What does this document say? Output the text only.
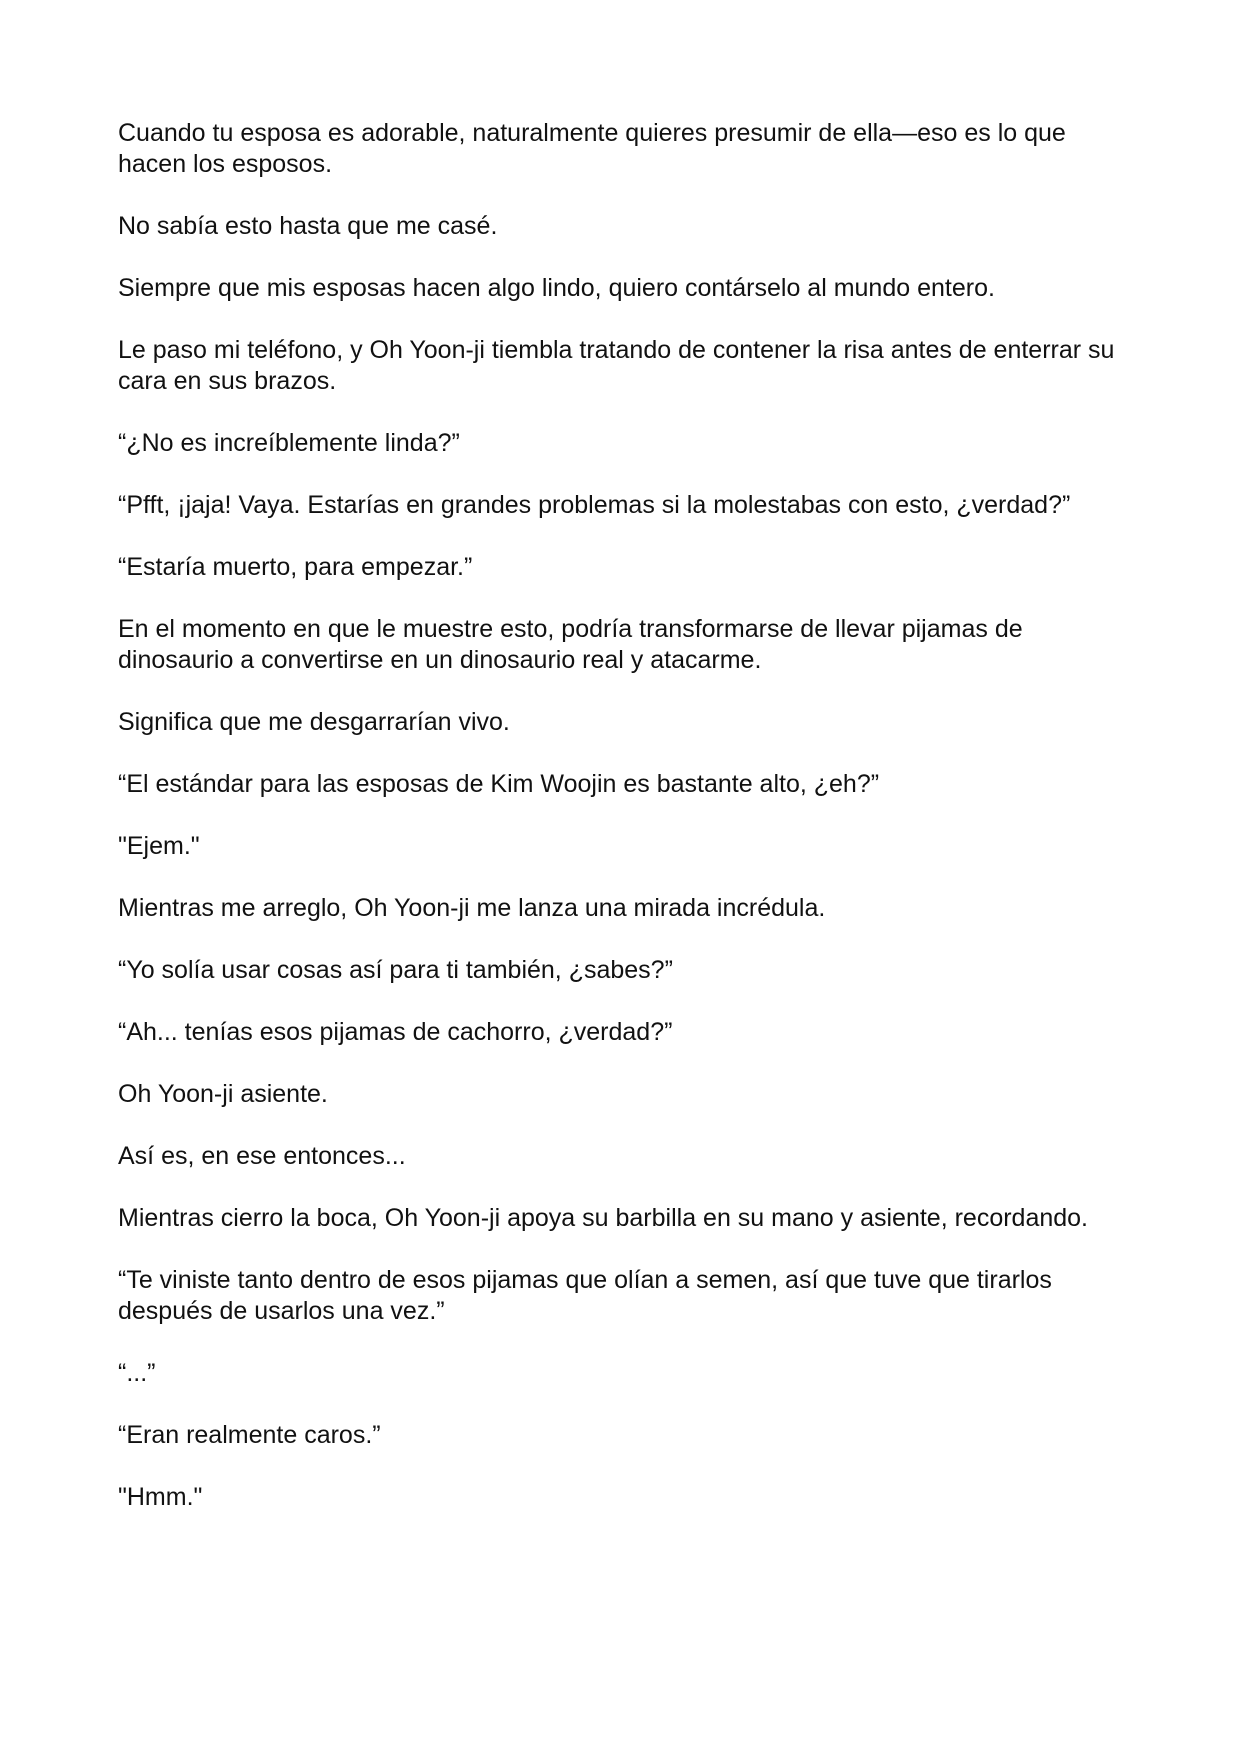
Cuando tu esposa es adorable, naturalmente quieres presumir de ella—eso es lo que hacen los esposos.

No sabía esto hasta que me casé.

Siempre que mis esposas hacen algo lindo, quiero contárselo al mundo entero.

Le paso mi teléfono, y Oh Yoon-ji tiembla tratando de contener la risa antes de enterrar su cara en sus brazos.

“¿No es increíblemente linda?”

“Pfft, ¡jaja! Vaya. Estarías en grandes problemas si la molestabas con esto, ¿verdad?”

“Estaría muerto, para empezar.”

En el momento en que le muestre esto, podría transformarse de llevar pijamas de dinosaurio a convertirse en un dinosaurio real y atacarme.

Significa que me desgarrarían vivo.

“El estándar para las esposas de Kim Woojin es bastante alto, ¿eh?”

"Ejem."

Mientras me arreglo, Oh Yoon-ji me lanza una mirada incrédula.

“Yo solía usar cosas así para ti también, ¿sabes?”

“Ah... tenías esos pijamas de cachorro, ¿verdad?”

Oh Yoon-ji asiente.

Así es, en ese entonces...

Mientras cierro la boca, Oh Yoon-ji apoya su barbilla en su mano y asiente, recordando.

“Te viniste tanto dentro de esos pijamas que olían a semen, así que tuve que tirarlos después de usarlos una vez.”

“...”

“Eran realmente caros.”

"Hmm."
